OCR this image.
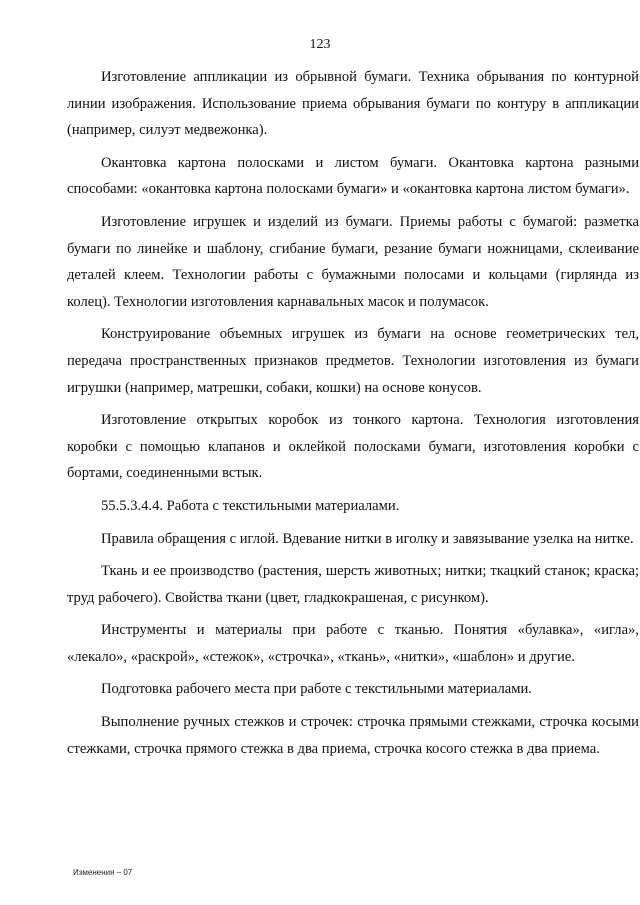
123

Изготовление аппликации из обрывной бумаги. Техника обрывания по контурной линии изображения. Использование приема обрывания бумаги по контуру в аппликации (например, силуэт медвежонка).

Окантовка картона полосками и листом бумаги. Окантовка картона разными способами: «окантовка картона полосками бумаги» и «окантовка картона листом бумаги».

Изготовление игрушек и изделий из бумаги. Приемы работы с бумагой: разметка бумаги по линейке и шаблону, сгибание бумаги, резание бумаги ножницами, склеивание деталей клеем. Технологии работы с бумажными полосами и кольцами (гирлянда из колец). Технологии изготовления карнавальных масок и полумасок.

Конструирование объемных игрушек из бумаги на основе геометрических тел, передача пространственных признаков предметов. Технологии изготовления из бумаги игрушки (например, матрешки, собаки, кошки) на основе конусов.

Изготовление открытых коробок из тонкого картона. Технология изготовления коробки с помощью клапанов и оклейкой полосками бумаги, изготовления коробки с бортами, соединенными встык.

55.5.3.4.4. Работа с текстильными материалами.

Правила обращения с иглой. Вдевание нитки в иголку и завязывание узелка на нитке.

Ткань и ее производство (растения, шерсть животных; нитки; ткацкий станок; краска; труд рабочего). Свойства ткани (цвет, гладкокрашеная, с рисунком).

Инструменты и материалы при работе с тканью. Понятия «булавка», «игла», «лекало», «раскрой», «стежок», «строчка», «ткань», «нитки», «шаблон» и другие.

Подготовка рабочего места при работе с текстильными материалами.

Выполнение ручных стежков и строчек: строчка прямыми стежками, строчка косыми стежками, строчка прямого стежка в два приема, строчка косого стежка в два приема.

Изменения – 07
